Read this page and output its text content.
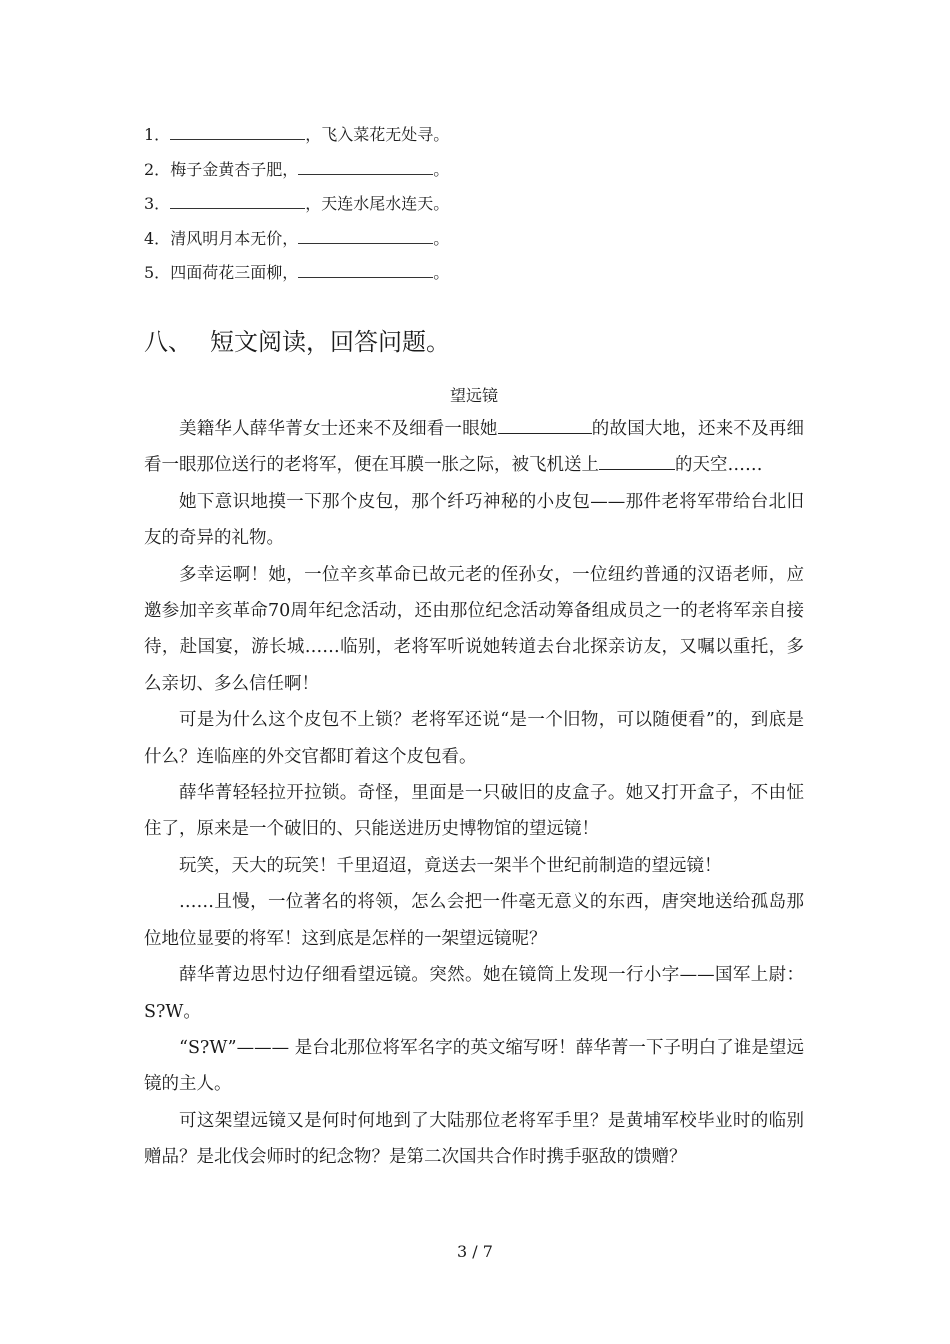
1．	，飞入菜花无处寻。
2．梅子金黄杏子肥，	。
3．	，天连水尾水连天。
4．清风明月本无价，	。
5．四面荷花三面柳，	。
八、 短文阅读，回答问题。
望远镜

美籍华人薛华菁女士还来不及细看一眼她	的故国大地，还来不及再细看一眼那位送行的老将军，便在耳膜一胀之际，被飞机送上	的天空……

她下意识地摸一下那个皮包，那个纤巧神秘的小皮包——那件老将军带给台北旧友的奇异的礼物。

多幸运啊！她，一位辛亥革命已故元老的侄孙女，一位纽约普通的汉语老师，应邀参加辛亥革命70周年纪念活动，还由那位纪念活动筹备组成员之一的老将军亲自接待，赴国宴，游长城……临别，老将军听说她转道去台北探亲访友，又嘱以重托，多么亲切、多么信任啊！

可是为什么这个皮包不上锁？老将军还说“是一个旧物，可以随便看”的，到底是什么？连临座的外交官都盯着这个皮包看。

薛华菁轻轻拉开拉锁。奇怪，里面是一只破旧的皮盒子。她又打开盒子，不由怔住了，原来是一个破旧的、只能送进历史博物馆的望远镜！

玩笑，天大的玩笑！千里迢迢，竟送去一架半个世纪前制造的望远镜！

……且慢，一位著名的将领，怎么会把一件毫无意义的东西，唐突地送给孤岛那位地位显要的将军！这到底是怎样的一架望远镜呢？

薛华菁边思忖边仔细看望远镜。突然。她在镜筒上发现一行小字——国军上尉：S?W。

“S?W”——— 是台北那位将军名字的英文缩写呀！薛华菁一下子明白了谁是望远镜的主人。

可这架望远镜又是何时何地到了大陆那位老将军手里？是黄埔军校毕业时的临别赠品？是北伐会师时的纪念物？是第二次国共合作时携手驱敌的馈赠？

3 / 7
